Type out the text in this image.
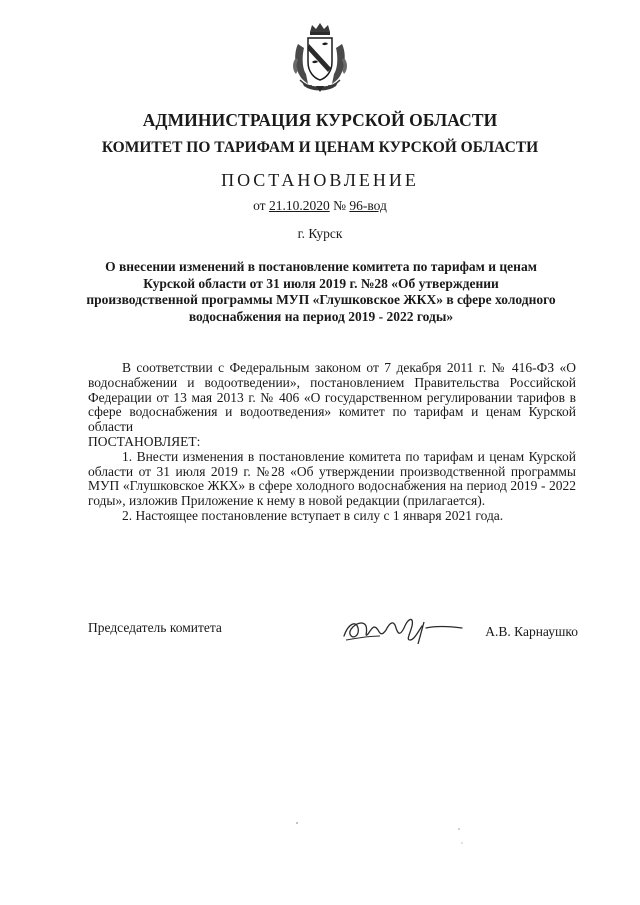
АДМИНИСТРАЦИЯ КУРСКОЙ ОБЛАСТИ
КОМИТЕТ ПО ТАРИФАМ И ЦЕНАМ КУРСКОЙ ОБЛАСТИ
ПОСТАНОВЛЕНИЕ
от 21.10.2020 № 96-вод
г. Курск
О внесении изменений в постановление комитета по тарифам и ценам Курской области от 31 июля 2019 г. №28 «Об утверждении производственной программы МУП «Глушковское ЖКХ» в сфере холодного водоснабжения на период 2019 - 2022 годы»

В соответствии с Федеральным законом от 7 декабря 2011 г. № 416-ФЗ «О водоснабжении и водоотведении», постановлением Правительства Российской Федерации от 13 мая 2013 г. № 406 «О государственном регулировании тарифов в сфере водоснабжения и водоотведения» комитет по тарифам и ценам Курской области

ПОСТАНОВЛЯЕТ:

1. Внести изменения в постановление комитета по тарифам и ценам Курской области от 31 июля 2019 г. №28 «Об утверждении производственной программы МУП «Глушковское ЖКХ» в сфере холодного водоснабжения на период 2019 - 2022 годы», изложив Приложение к нему в новой редакции (прилагается).

2. Настоящее постановление вступает в силу с 1 января 2021 года.

Председатель комитета	А.В. Карнаушко
